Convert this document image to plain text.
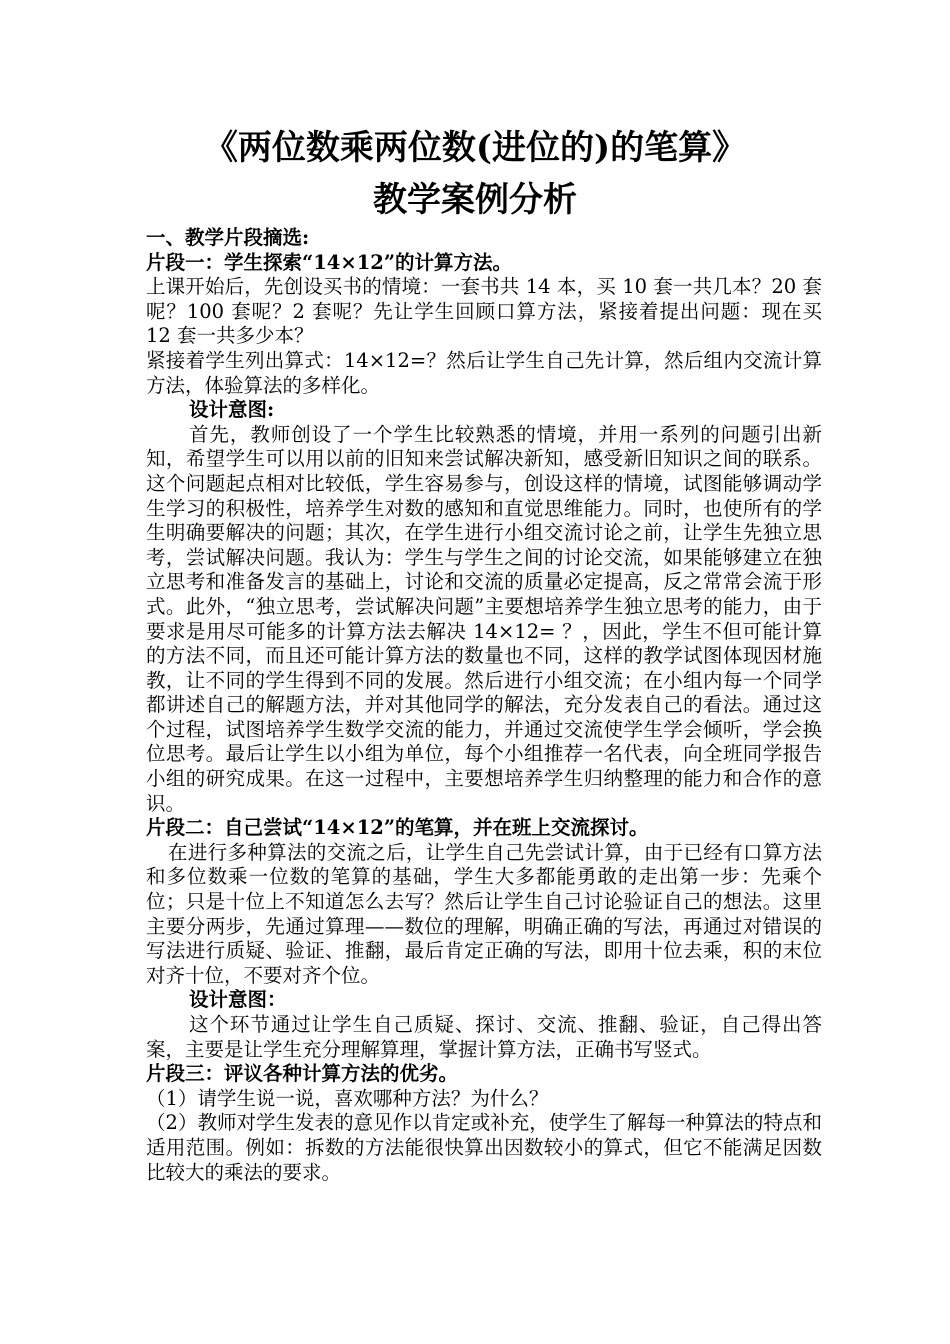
《两位数乘两位数(进位的)的笔算》
教学案例分析

一、教学片段摘选:

片段一：学生探索“14×12”的计算方法。

上课开始后，先创设买书的情境：一套书共 14 本，买 10 套一共几本？20 套呢？100 套呢？2 套呢？先让学生回顾口算方法，紧接着提出问题：现在买 12 套一共多少本？

紧接着学生列出算式：14×12=？然后让学生自己先计算，然后组内交流计算方法，体验算法的多样化。

设计意图:

首先，教师创设了一个学生比较熟悉的情境，并用一系列的问题引出新知，希望学生可以用以前的旧知来尝试解决新知，感受新旧知识之间的联系。这个问题起点相对比较低，学生容易参与，创设这样的情境，试图能够调动学生学习的积极性，培养学生对数的感知和直觉思维能力。同时，也使所有的学生明确要解决的问题；其次，在学生进行小组交流讨论之前，让学生先独立思考，尝试解决问题。我认为：学生与学生之间的讨论交流，如果能够建立在独立思考和准备发言的基础上，讨论和交流的质量必定提高，反之常常会流于形式。此外，“独立思考，尝试解决问题”主要想培养学生独立思考的能力，由于要求是用尽可能多的计算方法去解决 14×12= ？，因此，学生不但可能计算的方法不同，而且还可能计算方法的数量也不同，这样的教学试图体现因材施教，让不同的学生得到不同的发展。然后进行小组交流；在小组内每一个同学都讲述自己的解题方法，并对其他同学的解法，充分发表自己的看法。通过这个过程，试图培养学生数学交流的能力，并通过交流使学生学会倾听，学会换位思考。最后让学生以小组为单位，每个小组推荐一名代表，向全班同学报告小组的研究成果。在这一过程中，主要想培养学生归纳整理的能力和合作的意识。

片段二：自己尝试“14×12”的笔算，并在班上交流探讨。

在进行多种算法的交流之后，让学生自己先尝试计算，由于已经有口算方法和多位数乘一位数的笔算的基础，学生大多都能勇敢的走出第一步：先乘个位；只是十位上不知道怎么去写？然后让学生自己讨论验证自己的想法。这里主要分两步，先通过算理——数位的理解，明确正确的写法，再通过对错误的写法进行质疑、验证、推翻，最后肯定正确的写法，即用十位去乘，积的末位对齐十位，不要对齐个位。

设计意图：

这个环节通过让学生自己质疑、探讨、交流、推翻、验证，自己得出答案，主要是让学生充分理解算理，掌握计算方法，正确书写竖式。

片段三：评议各种计算方法的优劣。

（1）请学生说一说，喜欢哪种方法？为什么？

（2）教师对学生发表的意见作以肯定或补充，使学生了解每一种算法的特点和适用范围。例如：拆数的方法能很快算出因数较小的算式，但它不能满足因数比较大的乘法的要求。
